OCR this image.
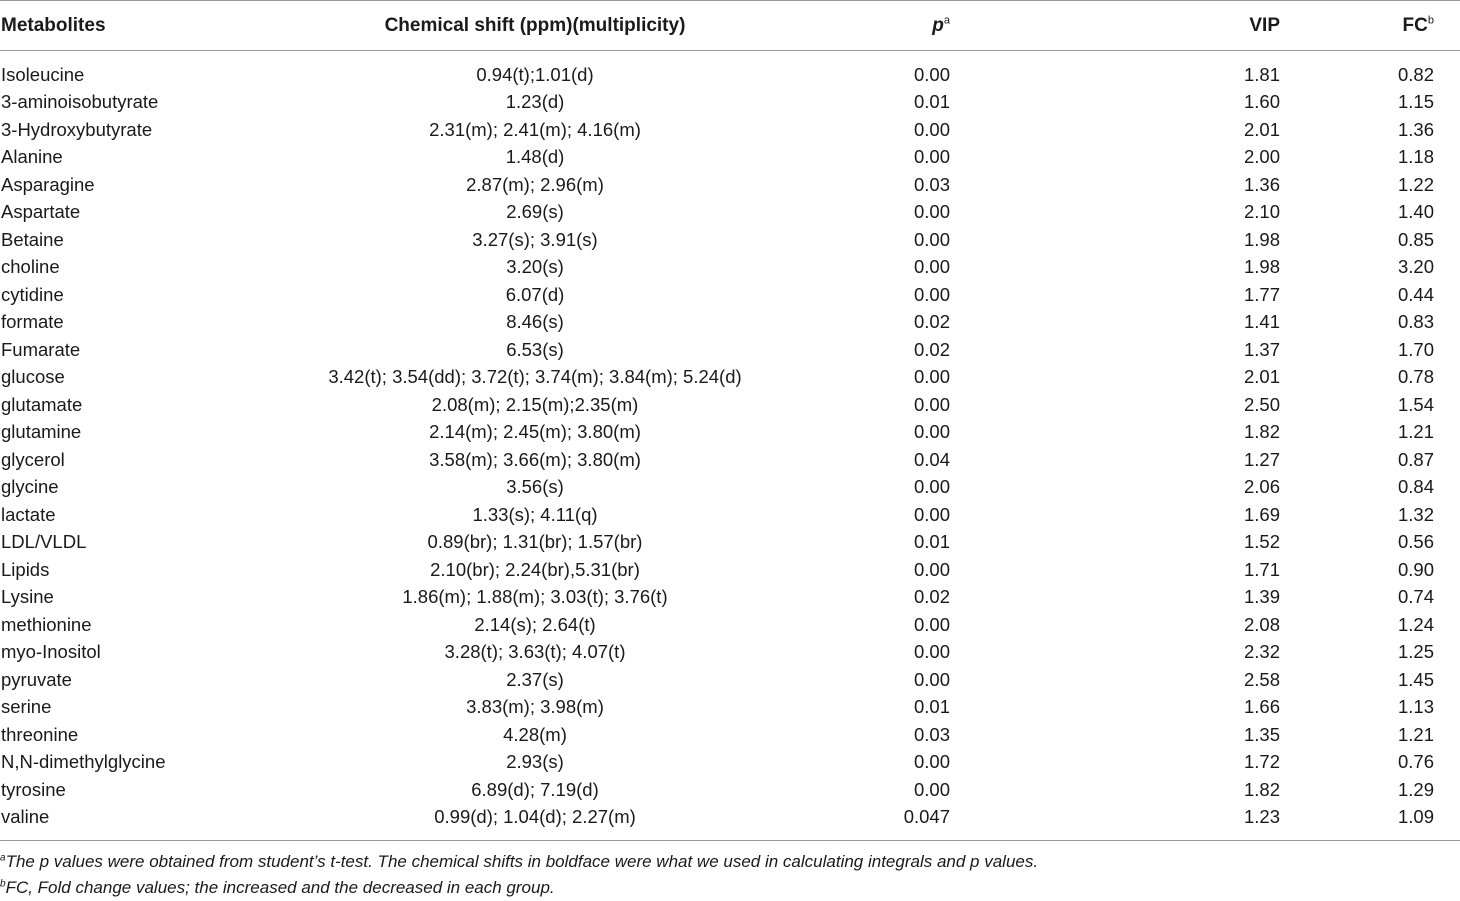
Metabolites	Chemical shift (ppm)(multiplicity)	$p^a$	VIP	$FC^b$
Isoleucine	0.94(t);1.01(d)	0.00	1.81	0.82
3-aminoisobutyrate	1.23(d)	0.01	1.60	1.15
3-Hydroxybutyrate	2.31(m); 2.41(m); 4.16(m)	0.00	2.01	1.36
Alanine	1.48(d)	0.00	2.00	1.18
Asparagine	2.87(m); 2.96(m)	0.03	1.36	1.22
Aspartate	2.69(s)	0.00	2.10	1.40
Betaine	3.27(s); 3.91(s)	0.00	1.98	0.85
choline	3.20(s)	0.00	1.98	3.20
cytidine	6.07(d)	0.00	1.77	0.44
formate	8.46(s)	0.02	1.41	0.83
Fumarate	6.53(s)	0.02	1.37	1.70
glucose	3.42(t); 3.54(dd); 3.72(t); 3.74(m); 3.84(m); 5.24(d)	0.00	2.01	0.78
glutamate	2.08(m); 2.15(m);2.35(m)	0.00	2.50	1.54
glutamine	2.14(m); 2.45(m); 3.80(m)	0.00	1.82	1.21
glycerol	3.58(m); 3.66(m); 3.80(m)	0.04	1.27	0.87
glycine	3.56(s)	0.00	2.06	0.84
lactate	1.33(s); 4.11(q)	0.00	1.69	1.32
LDL/VLDL	0.89(br); 1.31(br); 1.57(br)	0.01	1.52	0.56
Lipids	2.10(br); 2.24(br),5.31(br)	0.00	1.71	0.90
Lysine	1.86(m); 1.88(m); 3.03(t); 3.76(t)	0.02	1.39	0.74
methionine	2.14(s); 2.64(t)	0.00	2.08	1.24
myo-Inositol	3.28(t); 3.63(t); 4.07(t)	0.00	2.32	1.25
pyruvate	2.37(s)	0.00	2.58	1.45
serine	3.83(m); 3.98(m)	0.01	1.66	1.13
threonine	4.28(m)	0.03	1.35	1.21
N,N-dimethylglycine	2.93(s)	0.00	1.72	0.76
tyrosine	6.89(d); 7.19(d)	0.00	1.82	1.29
valine	0.99(d); 1.04(d); 2.27(m)	0.047	1.23	1.09
$^a$The p values were obtained from student’s t-test. The chemical shifts in boldface were what we used in calculating integrals and p values.
$^b$FC, Fold change values; the increased and the decreased in each group.
